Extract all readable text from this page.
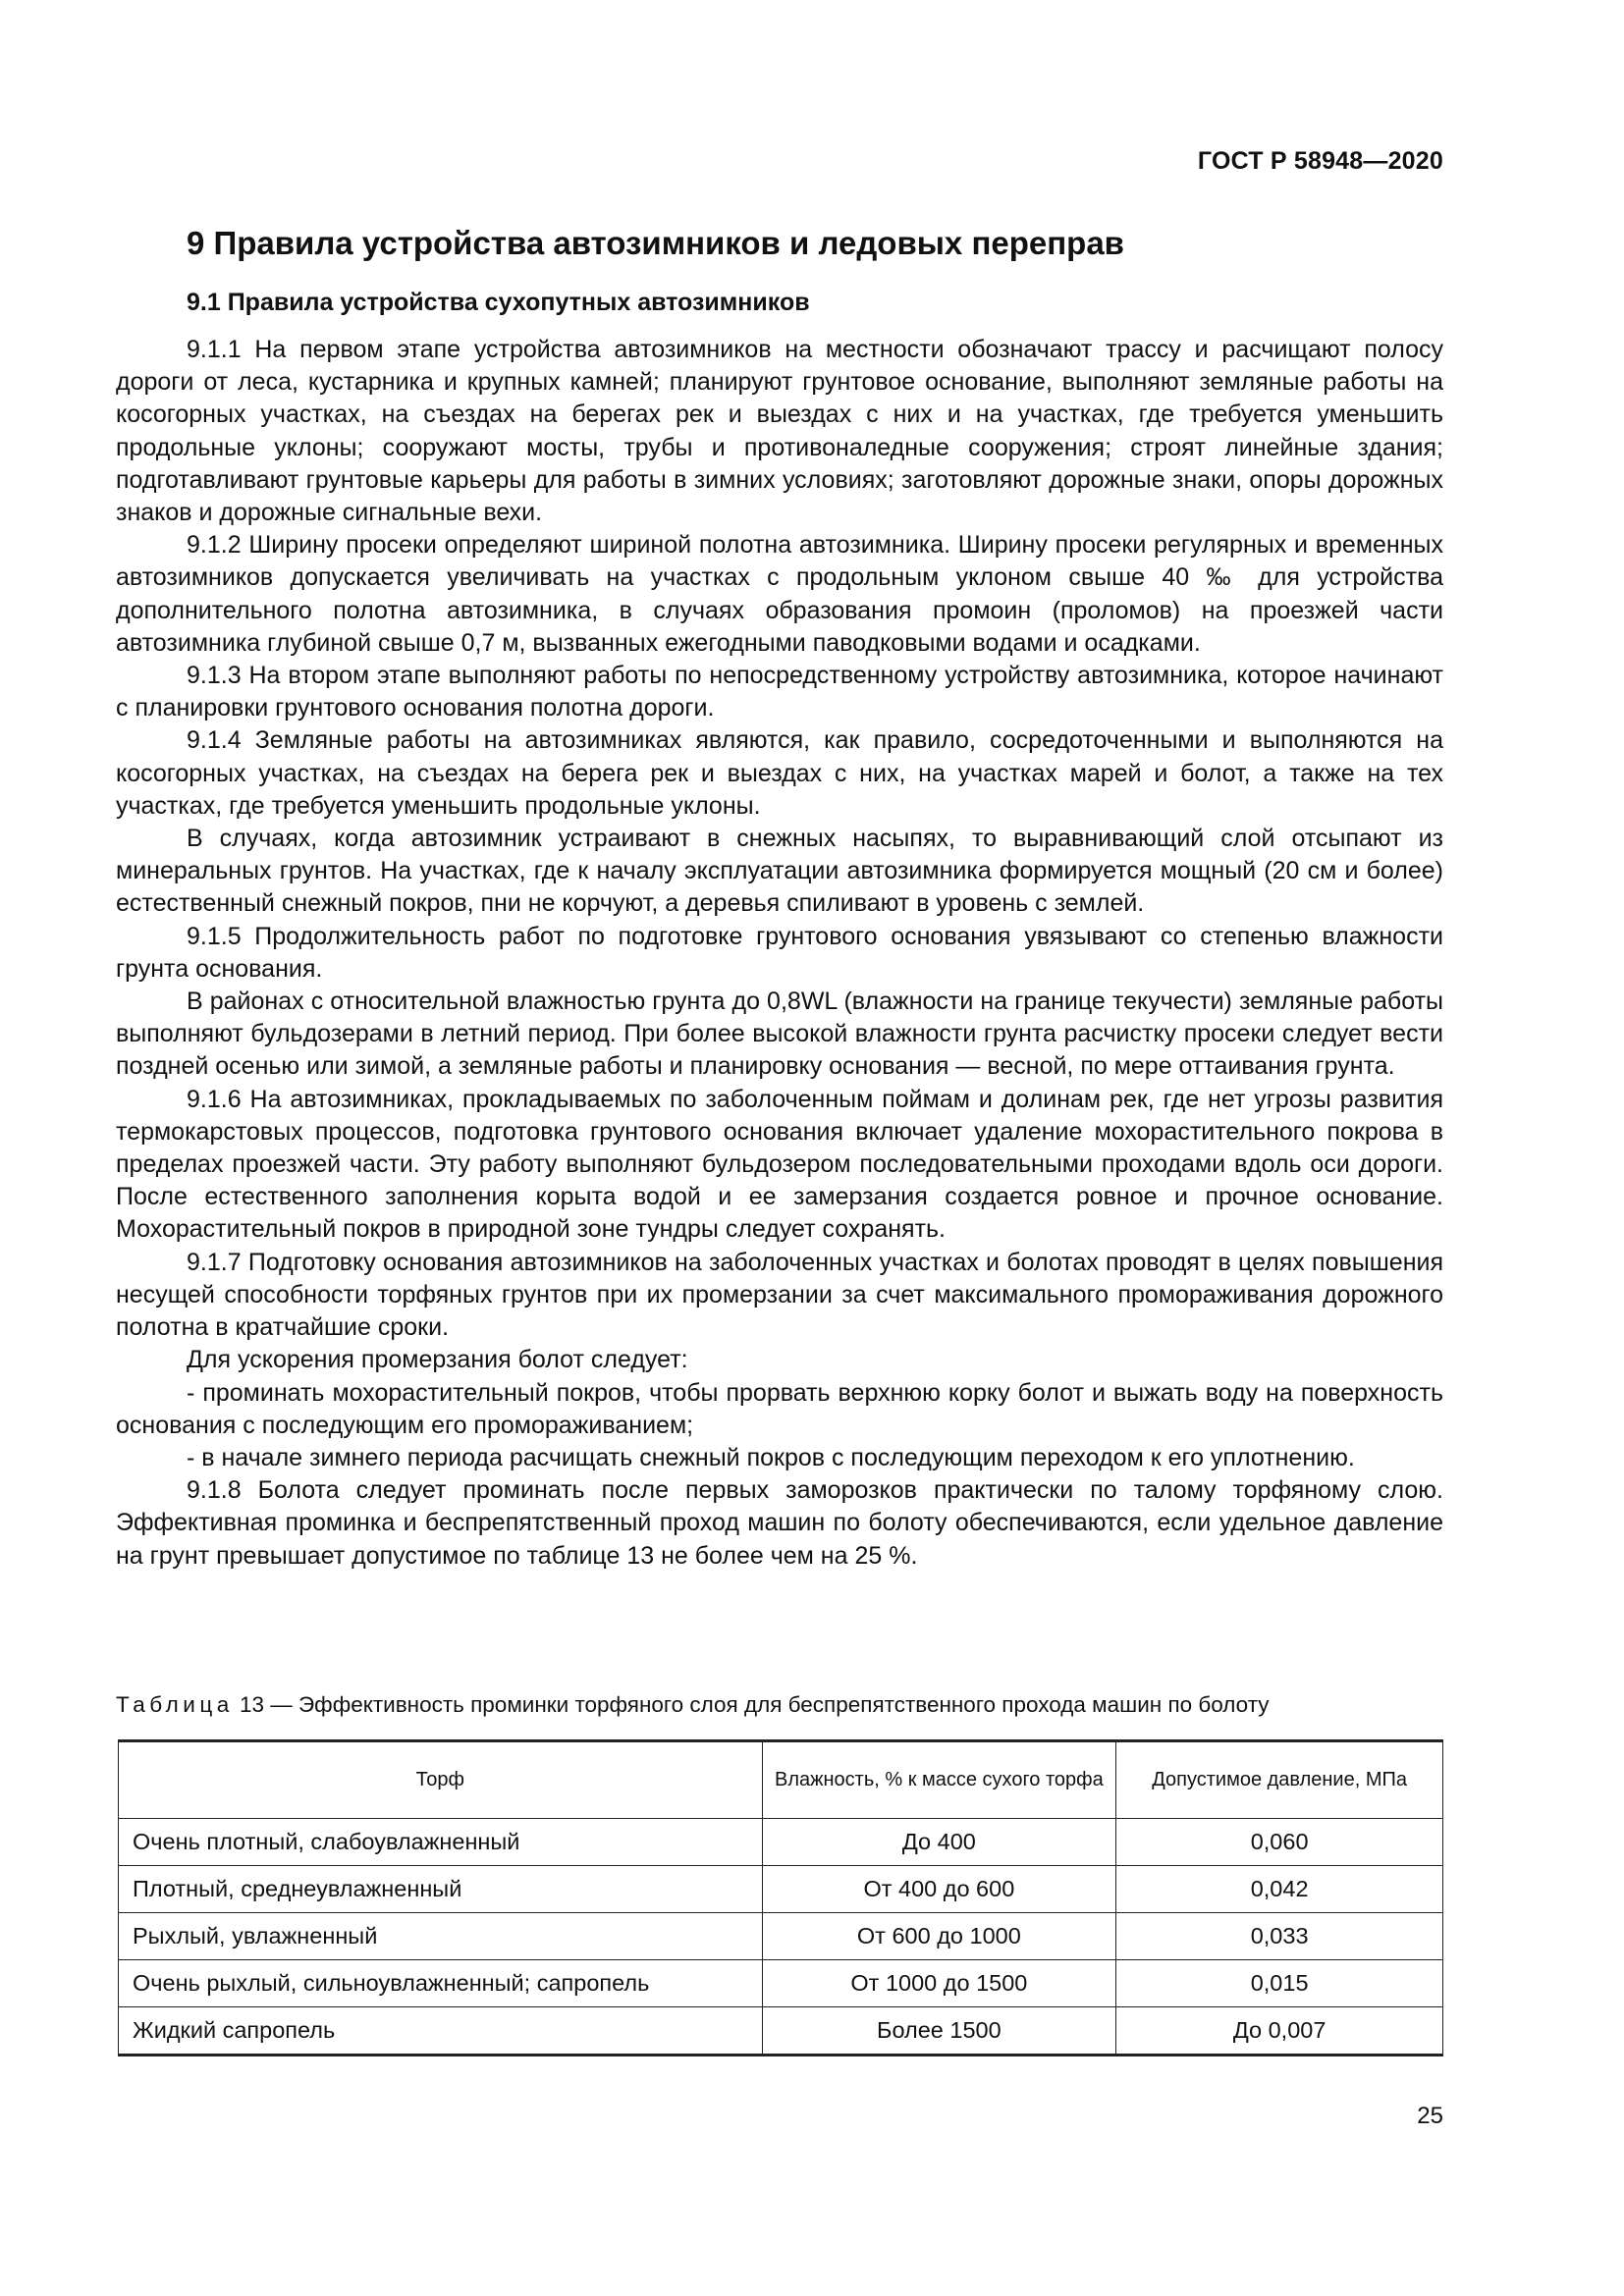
ГОСТ Р 58948—2020
9 Правила устройства автозимников и ледовых переправ
9.1 Правила устройства сухопутных автозимников

9.1.1 На первом этапе устройства автозимников на местности обозначают трассу и расчищают полосу дороги от леса, кустарника и крупных камней; планируют грунтовое основание, выполняют земляные работы на косогорных участках, на съездах на берегах рек и выездах с них и на участках, где требуется уменьшить продольные уклоны; сооружают мосты, трубы и противоналедные сооружения; строят линейные здания; подготавливают грунтовые карьеры для работы в зимних условиях; заготовляют дорожные знаки, опоры дорожных знаков и дорожные сигнальные вехи.

9.1.2 Ширину просеки определяют шириной полотна автозимника. Ширину просеки регулярных и временных автозимников допускается увеличивать на участках с продольным уклоном свыше 40 ‰ для устройства дополнительного полотна автозимника, в случаях образования промоин (проломов) на проезжей части автозимника глубиной свыше 0,7 м, вызванных ежегодными паводковыми водами и осадками.

9.1.3 На втором этапе выполняют работы по непосредственному устройству автозимника, которое начинают с планировки грунтового основания полотна дороги.

9.1.4 Земляные работы на автозимниках являются, как правило, сосредоточенными и выполняются на косогорных участках, на съездах на берега рек и выездах с них, на участках марей и болот, а также на тех участках, где требуется уменьшить продольные уклоны.

В случаях, когда автозимник устраивают в снежных насыпях, то выравнивающий слой отсыпают из минеральных грунтов. На участках, где к началу эксплуатации автозимника формируется мощный (20 см и более) естественный снежный покров, пни не корчуют, а деревья спиливают в уровень с землей.

9.1.5 Продолжительность работ по подготовке грунтового основания увязывают со степенью влажности грунта основания.

В районах с относительной влажностью грунта до 0,8WL (влажности на границе текучести) земляные работы выполняют бульдозерами в летний период. При более высокой влажности грунта расчистку просеки следует вести поздней осенью или зимой, а земляные работы и планировку основания — весной, по мере оттаивания грунта.

9.1.6 На автозимниках, прокладываемых по заболоченным поймам и долинам рек, где нет угрозы развития термокарстовых процессов, подготовка грунтового основания включает удаление мохорастительного покрова в пределах проезжей части. Эту работу выполняют бульдозером последовательными проходами вдоль оси дороги. После естественного заполнения корыта водой и ее замерзания создается ровное и прочное основание. Мохорастительный покров в природной зоне тундры следует сохранять.

9.1.7 Подготовку основания автозимников на заболоченных участках и болотах проводят в целях повышения несущей способности торфяных грунтов при их промерзании за счет максимального промораживания дорожного полотна в кратчайшие сроки.

Для ускорения промерзания болот следует:

- проминать мохорастительный покров, чтобы прорвать верхнюю корку болот и выжать воду на поверхность основания с последующим его промораживанием;

- в начале зимнего периода расчищать снежный покров с последующим переходом к его уплотнению.

9.1.8 Болота следует проминать после первых заморозков практически по талому торфяному слою. Эффективная проминка и беспрепятственный проход машин по болоту обеспечиваются, если удельное давление на грунт превышает допустимое по таблице 13 не более чем на 25 %.

Таблица 13 — Эффективность проминки торфяного слоя для беспрепятственного прохода машин по болоту
Торф	Влажность, % к массе сухого торфа	Допустимое давление, МПа
Очень плотный, слабоувлажненный	До 400	0,060
Плотный, среднеувлажненный	От 400 до 600	0,042
Рыхлый, увлажненный	От 600 до 1000	0,033
Очень рыхлый, сильноувлажненный; сапропель	От 1000 до 1500	0,015
Жидкий сапропель	Более 1500	До 0,007
25
